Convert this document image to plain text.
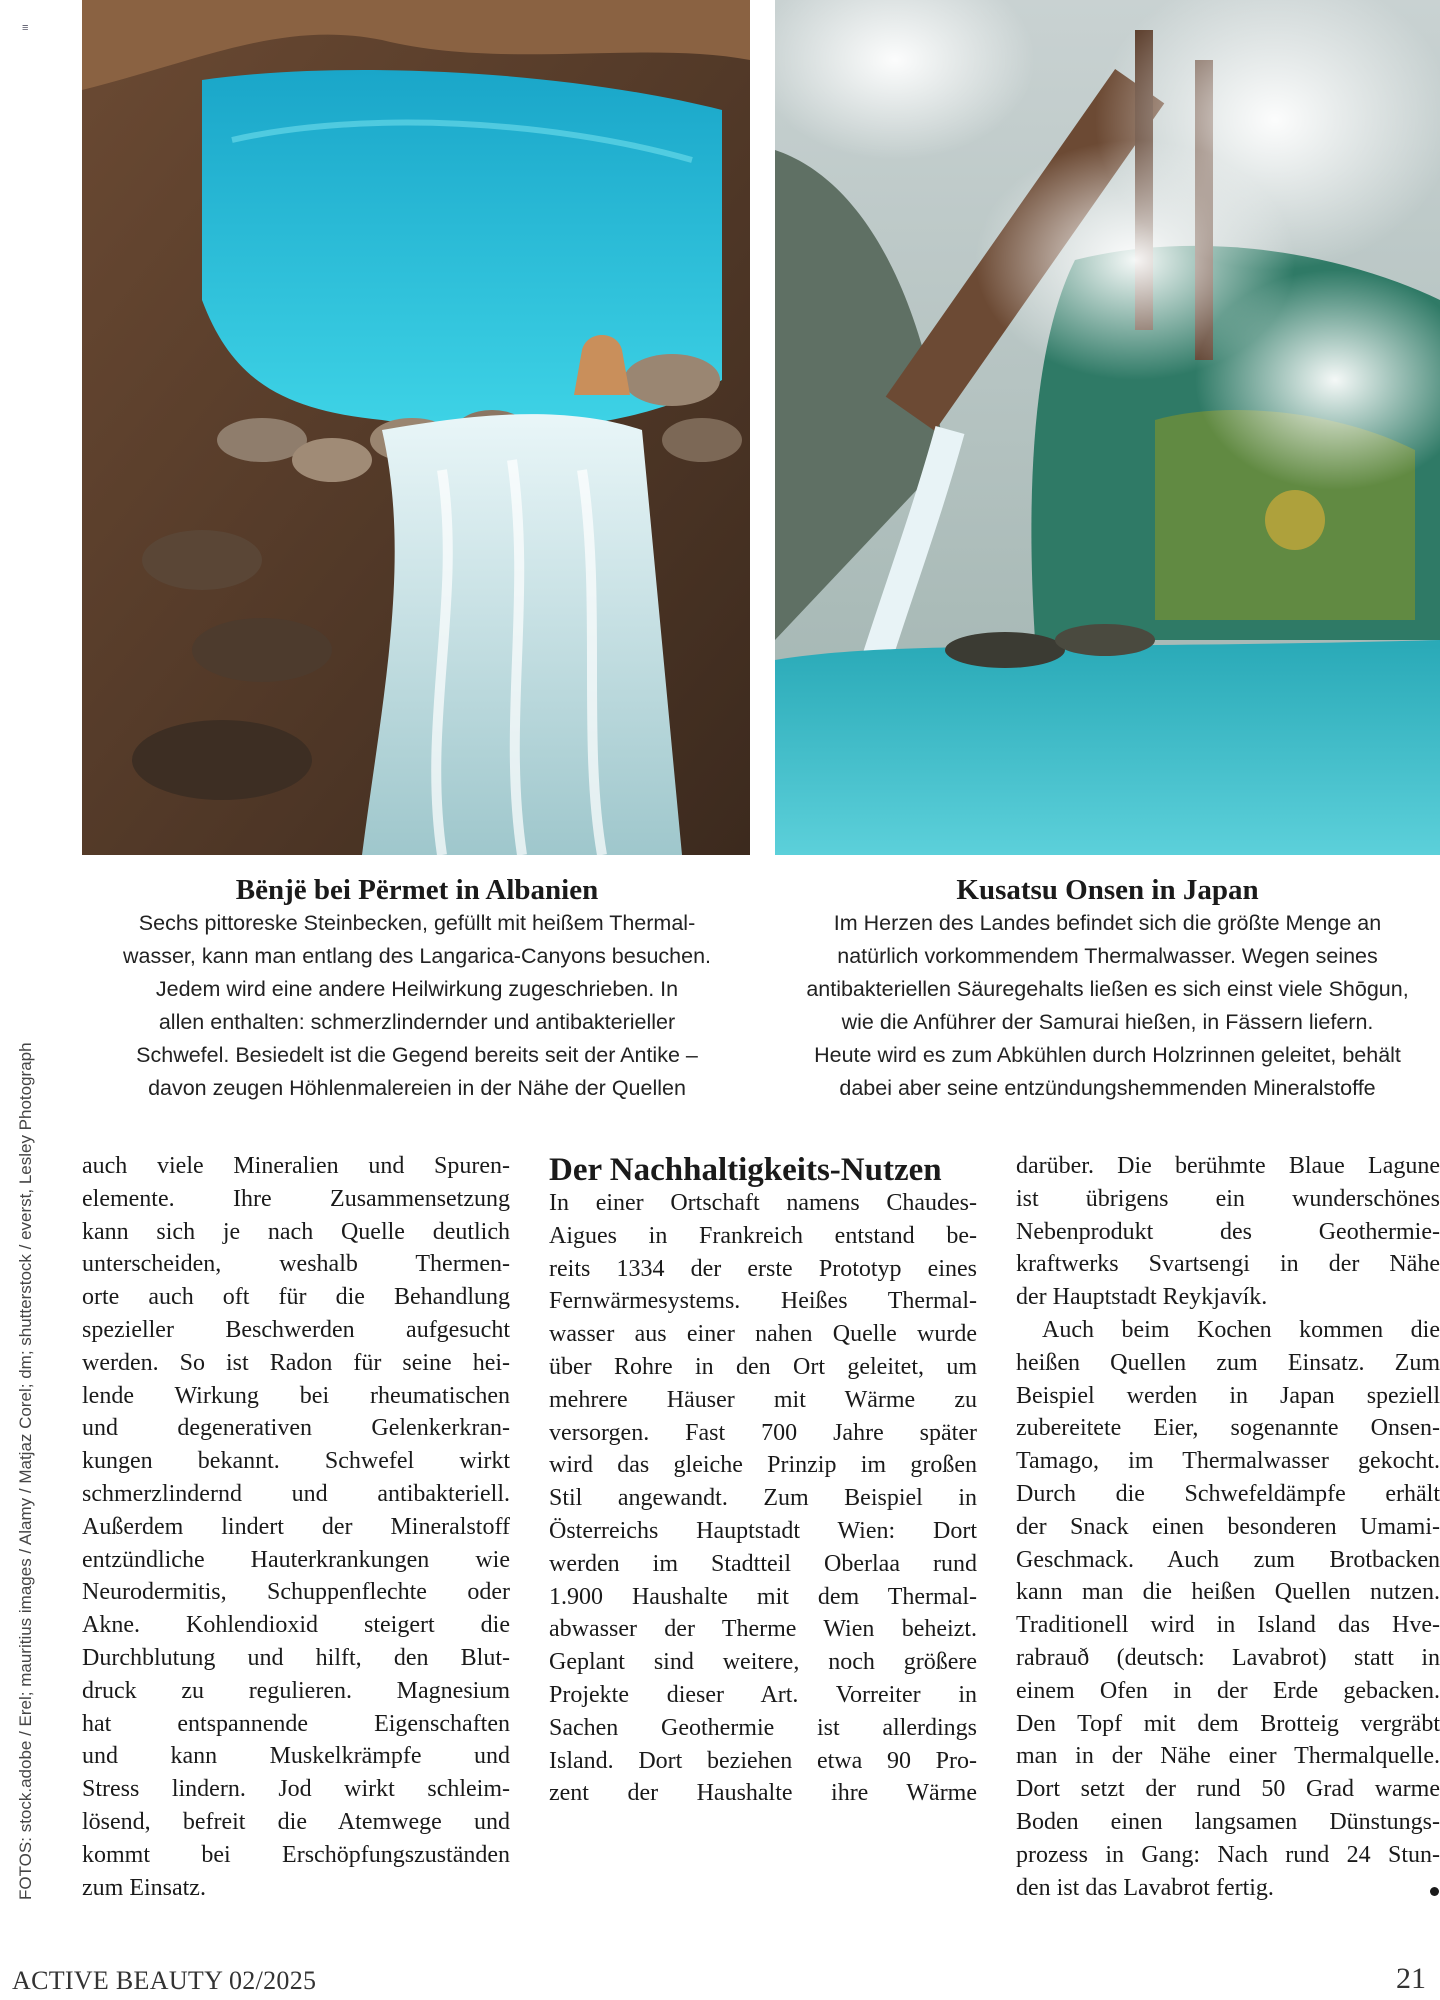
≡
FOTOS: stock.adobe / Erel; mauritius images / Alamy / Matjaz Corel; dm; shutterstock / everst, Lesley Photograph
Bënjë bei Përmet in Albanien
Sechs pittoreske Steinbecken, gefüllt mit heißem Thermal-
wasser, kann man entlang des Langarica-Canyons besuchen.
Jedem wird eine andere Heilwirkung zugeschrieben. In
allen enthalten: schmerzlindernder und antibakterieller
Schwefel. Besiedelt ist die Gegend bereits seit der Antike –
davon zeugen Höhlenmalereien in der Nähe der Quellen
Kusatsu Onsen in Japan
Im Herzen des Landes befindet sich die größte Menge an
natürlich vorkommendem Thermalwasser. Wegen seines
antibakteriellen Säuregehalts ließen es sich einst viele Shōgun,
wie die Anführer der Samurai hießen, in Fässern liefern.
Heute wird es zum Abkühlen durch Holzrinnen geleitet, behält
dabei aber seine entzündungshemmenden Mineralstoffe
auch viele Mineralien und Spuren-
elemente. Ihre Zusammensetzung
kann sich je nach Quelle deutlich
unterscheiden, weshalb Thermen-
orte auch oft für die Behandlung
spezieller Beschwerden aufgesucht
werden. So ist Radon für seine hei-
lende Wirkung bei rheumatischen
und degenerativen Gelenkerkran-
kungen bekannt. Schwefel wirkt
schmerzlindernd und antibakteriell.
Außerdem lindert der Mineralstoff
entzündliche Hauterkrankungen wie
Neurodermitis, Schuppenflechte oder
Akne. Kohlendioxid steigert die
Durchblutung und hilft, den Blut-
druck zu regulieren. Magnesium
hat entspannende Eigenschaften
und kann Muskelkrämpfe und
Stress lindern. Jod wirkt schleim-
lösend, befreit die Atemwege und
kommt bei Erschöpfungszuständen
zum Einsatz.
Der Nachhaltigkeits-Nutzen
In einer Ortschaft namens Chaudes-
Aigues in Frankreich entstand be-
reits 1334 der erste Prototyp eines
Fernwärmesystems. Heißes Thermal-
wasser aus einer nahen Quelle wurde
über Rohre in den Ort geleitet, um
mehrere Häuser mit Wärme zu
versorgen. Fast 700 Jahre später
wird das gleiche Prinzip im großen
Stil angewandt. Zum Beispiel in
Österreichs Hauptstadt Wien: Dort
werden im Stadtteil Oberlaa rund
1.900 Haushalte mit dem Thermal-
abwasser der Therme Wien beheizt.
Geplant sind weitere, noch größere
Projekte dieser Art. Vorreiter in
Sachen Geothermie ist allerdings
Island. Dort beziehen etwa 90 Pro-
zent der Haushalte ihre Wärme
darüber. Die berühmte Blaue Lagune
ist übrigens ein wunderschönes
Nebenprodukt des Geothermie-
kraftwerks Svartsengi in der Nähe
der Hauptstadt Reykjavík.
Auch beim Kochen kommen die
heißen Quellen zum Einsatz. Zum
Beispiel werden in Japan speziell
zubereitete Eier, sogenannte Onsen-
Tamago, im Thermalwasser gekocht.
Durch die Schwefeldämpfe erhält
der Snack einen besonderen Umami-
Geschmack. Auch zum Brotbacken
kann man die heißen Quellen nutzen.
Traditionell wird in Island das Hve-
rabrauð (deutsch: Lavabrot) statt in
einem Ofen in der Erde gebacken.
Den Topf mit dem Brotteig vergräbt
man in der Nähe einer Thermalquelle.
Dort setzt der rund 50 Grad warme
Boden einen langsamen Dünstungs-
prozess in Gang: Nach rund 24 Stun-
den ist das Lavabrot fertig.
ACTIVE BEAUTY 02/2025	21
